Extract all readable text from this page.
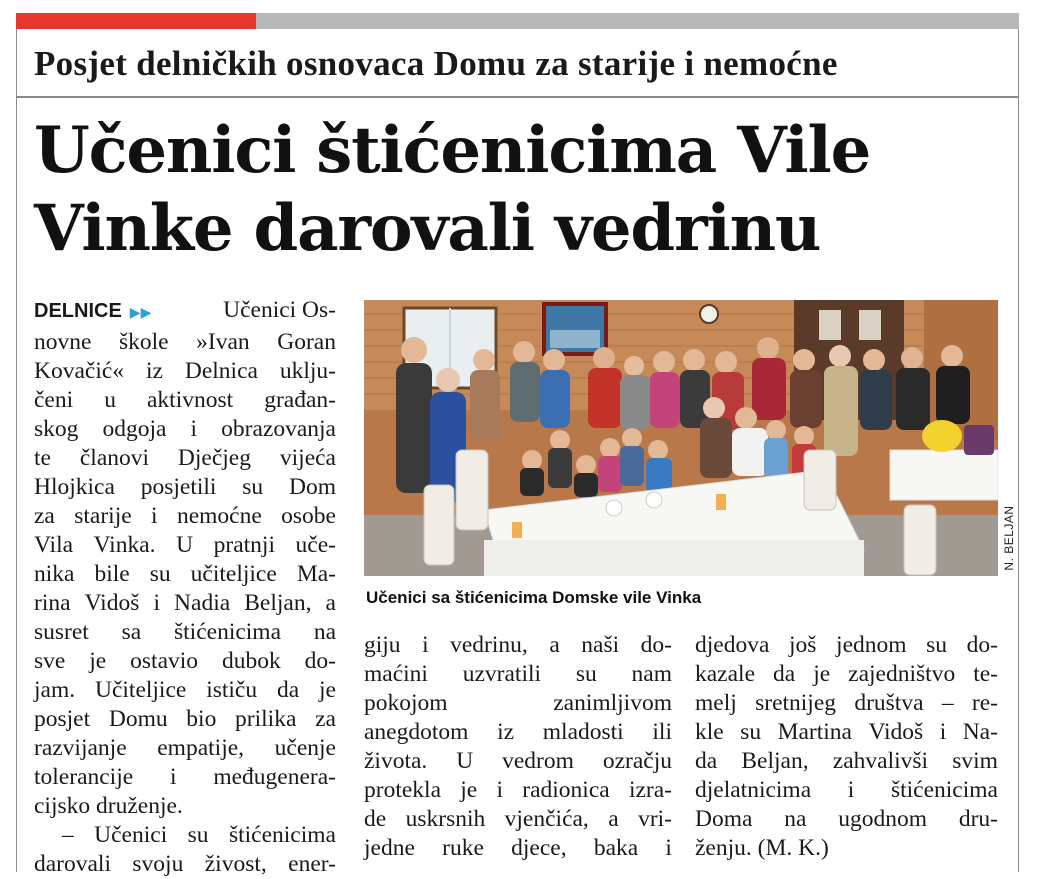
Posjet delničkih osnovaca Domu za starije i nemoćne
Učenici štićenicima Vile
Vinke darovali vedrinu
DELNICE ▶▶	Učenici Os-
novne škole »Ivan Goran
Kovačić« iz Delnica uklju-
čeni u aktivnost građan-
skog odgoja i obrazovanja
te članovi Dječjeg vijeća
Hlojkica posjetili su Dom
za starije i nemoćne osobe
Vila Vinka. U pratnji uče-
nika bile su učiteljice Ma-
rina Vidoš i Nadia Beljan, a
susret sa štićenicima na
sve je ostavio dubok do-
jam. Učiteljice ističu da je
posjet Domu bio prilika za
razvijanje empatije, učenje
tolerancije i međugenera-
cijsko druženje.
– Učenici su štićenicima
darovali svoju živost, ener-
N. BELJAN
Učenici sa štićenicima Domske vile Vinka
giju i vedrinu, a naši do-
maćini uzvratili su nam
pokojom	zanimljivom
anegdotom iz mladosti ili
života. U vedrom ozračju
protekla je i radionica izra-
de uskrsnih vjenčića, a vri-
jedne ruke djece, baka i
djedova još jednom su do-
kazale da je zajedništvo te-
melj sretnijeg društva – re-
kle su Martina Vidoš i Na-
da Beljan, zahvalivši svim
djelatnicima i štićenicima
Doma na ugodnom dru-
ženju. (M. K.)
